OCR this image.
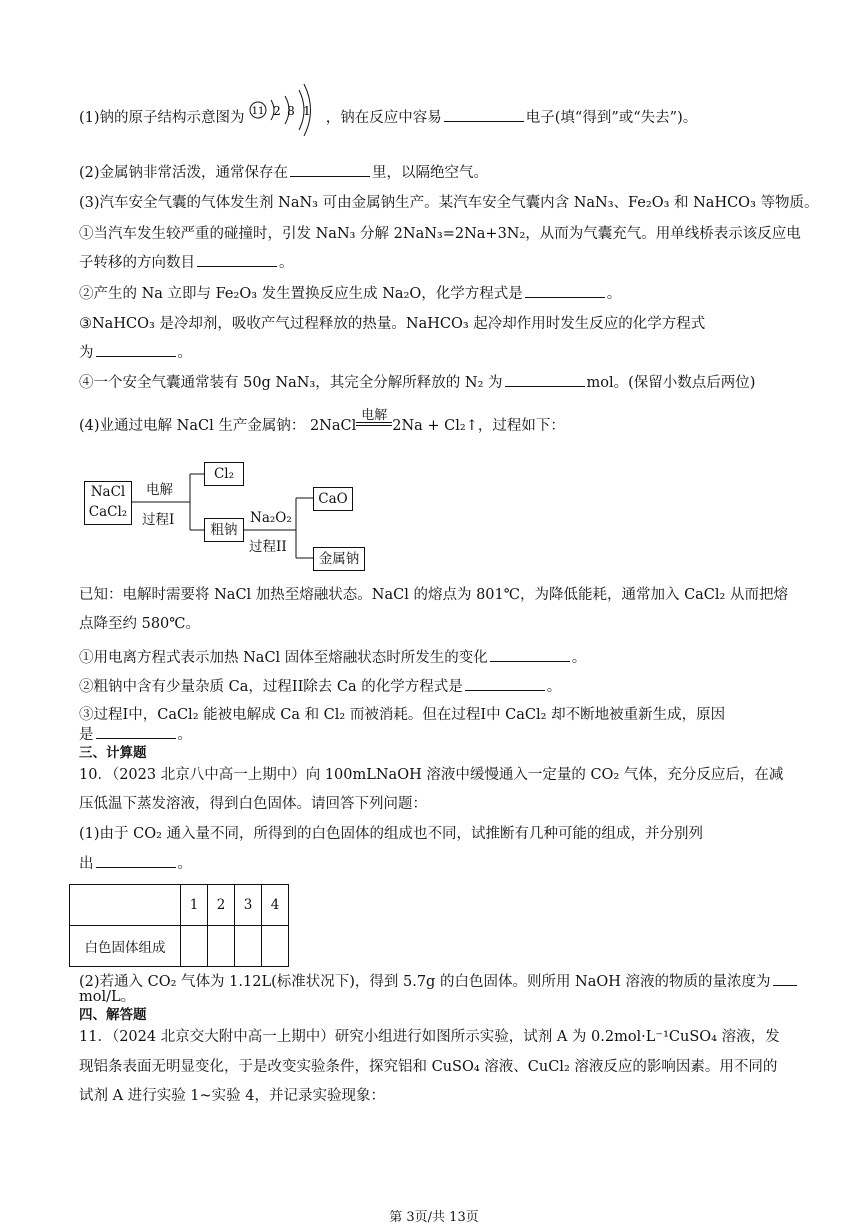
(1)钠的原子结构示意图为 11 2 8 1 ，钠在反应中容易	电子(填“得到”或“失去”)。
(2)金属钠非常活泼，通常保存在	里，以隔绝空气。
(3)汽车安全气囊的气体发生剂 NaN₃ 可由金属钠生产。某汽车安全气囊内含 NaN₃、Fe₂O₃ 和 NaHCO₃ 等物质。
①当汽车发生较严重的碰撞时，引发 NaN₃ 分解 2NaN₃=2Na+3N₂，从而为气囊充气。用单线桥表示该反应电
子转移的方向数目	。
②产生的 Na 立即与 Fe₂O₃ 发生置换反应生成 Na₂O，化学方程式是	。
③NaHCO₃ 是冷却剂，吸收产气过程释放的热量。NaHCO₃ 起冷却作用时发生反应的化学方程式
为	。
④一个安全气囊通常装有 50g NaN₃，其完全分解所释放的 N₂ 为	mol。(保留小数点后两位)
(4)业通过电解 NaCl 生产金属钠： 2NaCl
电解
2Na + Cl₂↑，过程如下：
NaCl
CaCl₂
电解
过程I
Cl₂
粗钠
Na₂O₂
过程II
CaO
金属钠
已知：电解时需要将 NaCl 加热至熔融状态。NaCl 的熔点为 801℃，为降低能耗，通常加入 CaCl₂ 从而把熔
点降至约 580℃。
①用电离方程式表示加热 NaCl 固体至熔融状态时所发生的变化	。
②粗钠中含有少量杂质 Ca，过程II除去 Ca 的化学方程式是	。
③过程I中，CaCl₂ 能被电解成 Ca 和 Cl₂ 而被消耗。但在过程I中 CaCl₂ 却不断地被重新生成，原因
是	。
三、计算题
10．（2023 北京八中高一上期中）向 100mLNaOH 溶液中缓慢通入一定量的 CO₂ 气体，充分反应后，在减
压低温下蒸发溶液，得到白色固体。请回答下列问题：
(1)由于 CO₂ 通入量不同，所得到的白色固体的组成也不同，试推断有几种可能的组成，并分别列
出	。
	1	2	3	4
白色固体组成				
(2)若通入 CO₂ 气体为 1.12L(标准状况下)，得到 5.7g 的白色固体。则所用 NaOH 溶液的物质的量浓度为
mol/L。
四、解答题
11．（2024 北京交大附中高一上期中）研究小组进行如图所示实验，试剂 A 为 0.2mol·L⁻¹CuSO₄ 溶液，发
现铝条表面无明显变化，于是改变实验条件，探究铝和 CuSO₄ 溶液、CuCl₂ 溶液反应的影响因素。用不同的
试剂 A 进行实验 1~实验 4，并记录实验现象：
第 3页/共 13页
